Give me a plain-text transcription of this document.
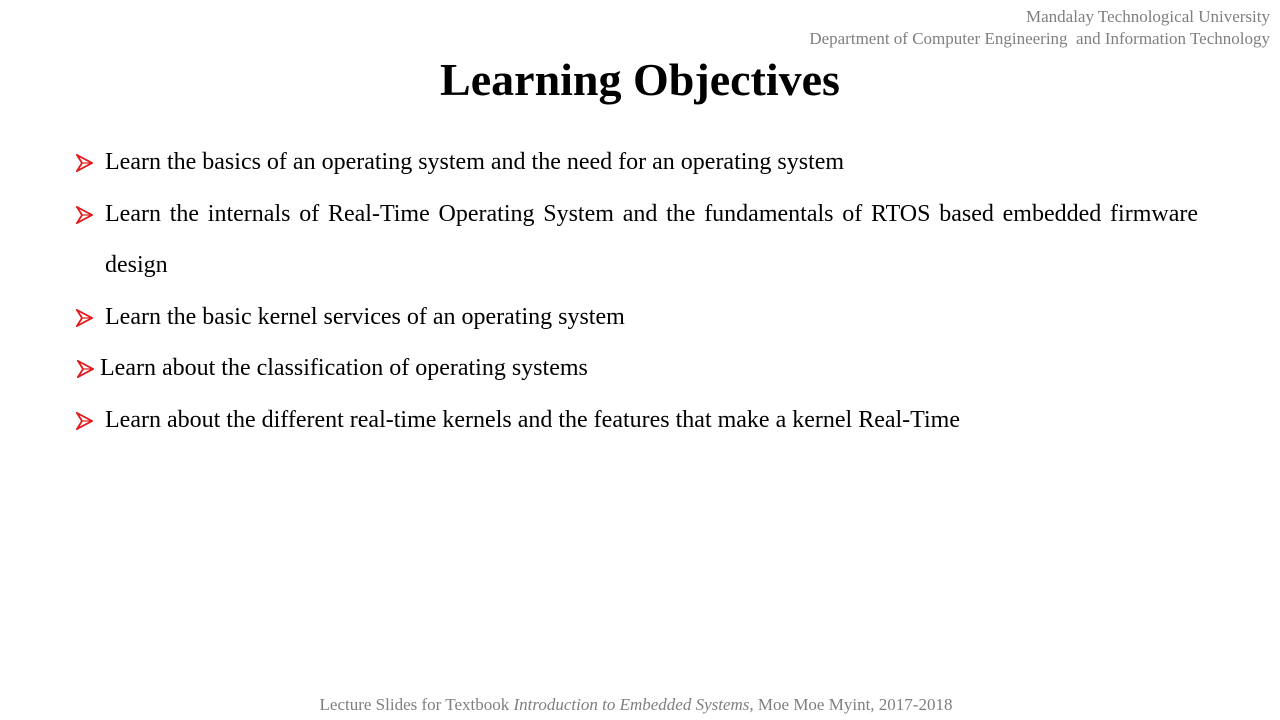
Mandalay Technological University
Department of Computer Engineering  and Information Technology
Learning Objectives
Learn the basics of an operating system and the need for an operating system
Learn the internals of Real-Time Operating System and the fundamentals of RTOS based embedded firmware design
Learn the basic kernel services of an operating system
Learn about the classification of operating systems
Learn about the different real-time kernels and the features that make a kernel Real-Time
Lecture Slides for Textbook Introduction to Embedded Systems, Moe Moe Myint, 2017-2018
